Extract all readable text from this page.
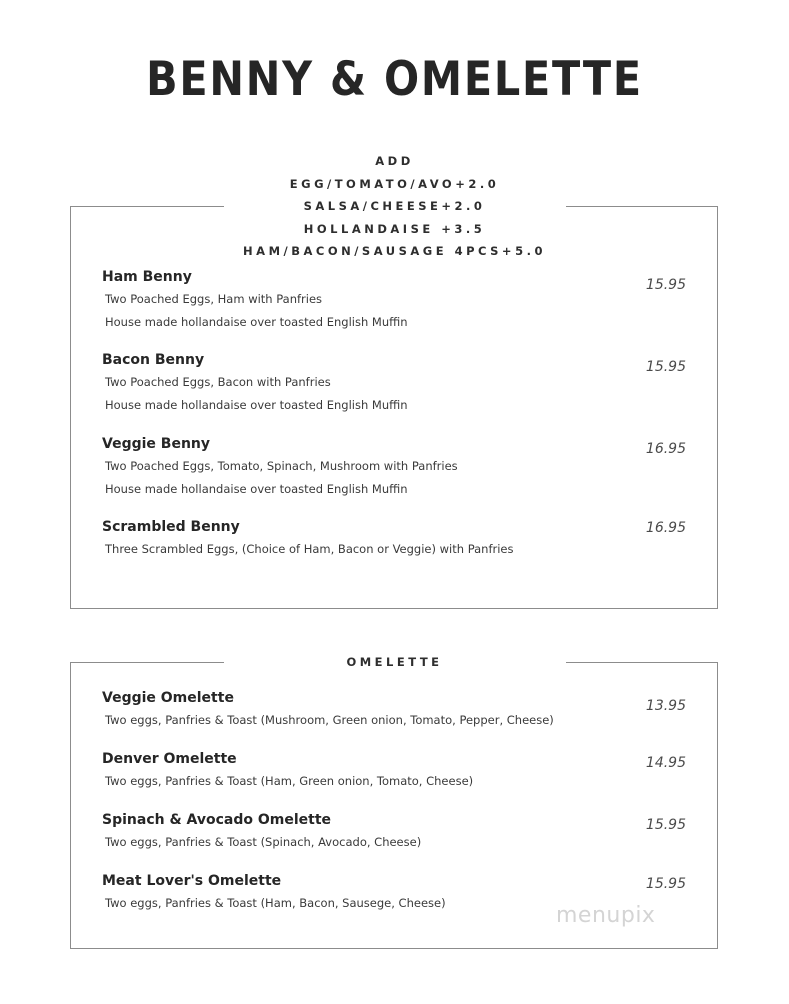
BENNY & OMELETTE
ADD
EGG/TOMATO/AVO+2.0
SALSA/CHEESE+2.0
HOLLANDAISE +3.5
HAM/BACON/SAUSAGE 4PCS+5.0
Ham Benny
Two Poached Eggs, Ham with Panfries
House made hollandaise over toasted English Muffin
15.95
Bacon Benny
Two Poached Eggs, Bacon with Panfries
House made hollandaise over toasted English Muffin
15.95
Veggie Benny
Two Poached Eggs, Tomato, Spinach, Mushroom with Panfries
House made hollandaise over toasted English Muffin
16.95
Scrambled Benny
Three Scrambled Eggs, (Choice of Ham, Bacon or Veggie) with Panfries
16.95
OMELETTE
Veggie Omelette
Two eggs, Panfries & Toast (Mushroom, Green onion, Tomato, Pepper, Cheese)
13.95
Denver Omelette
Two eggs, Panfries & Toast (Ham, Green onion, Tomato, Cheese)
14.95
Spinach & Avocado Omelette
Two eggs, Panfries & Toast (Spinach, Avocado, Cheese)
15.95
Meat Lover's Omelette
Two eggs, Panfries & Toast (Ham, Bacon, Sausege, Cheese)
15.95
menupix
